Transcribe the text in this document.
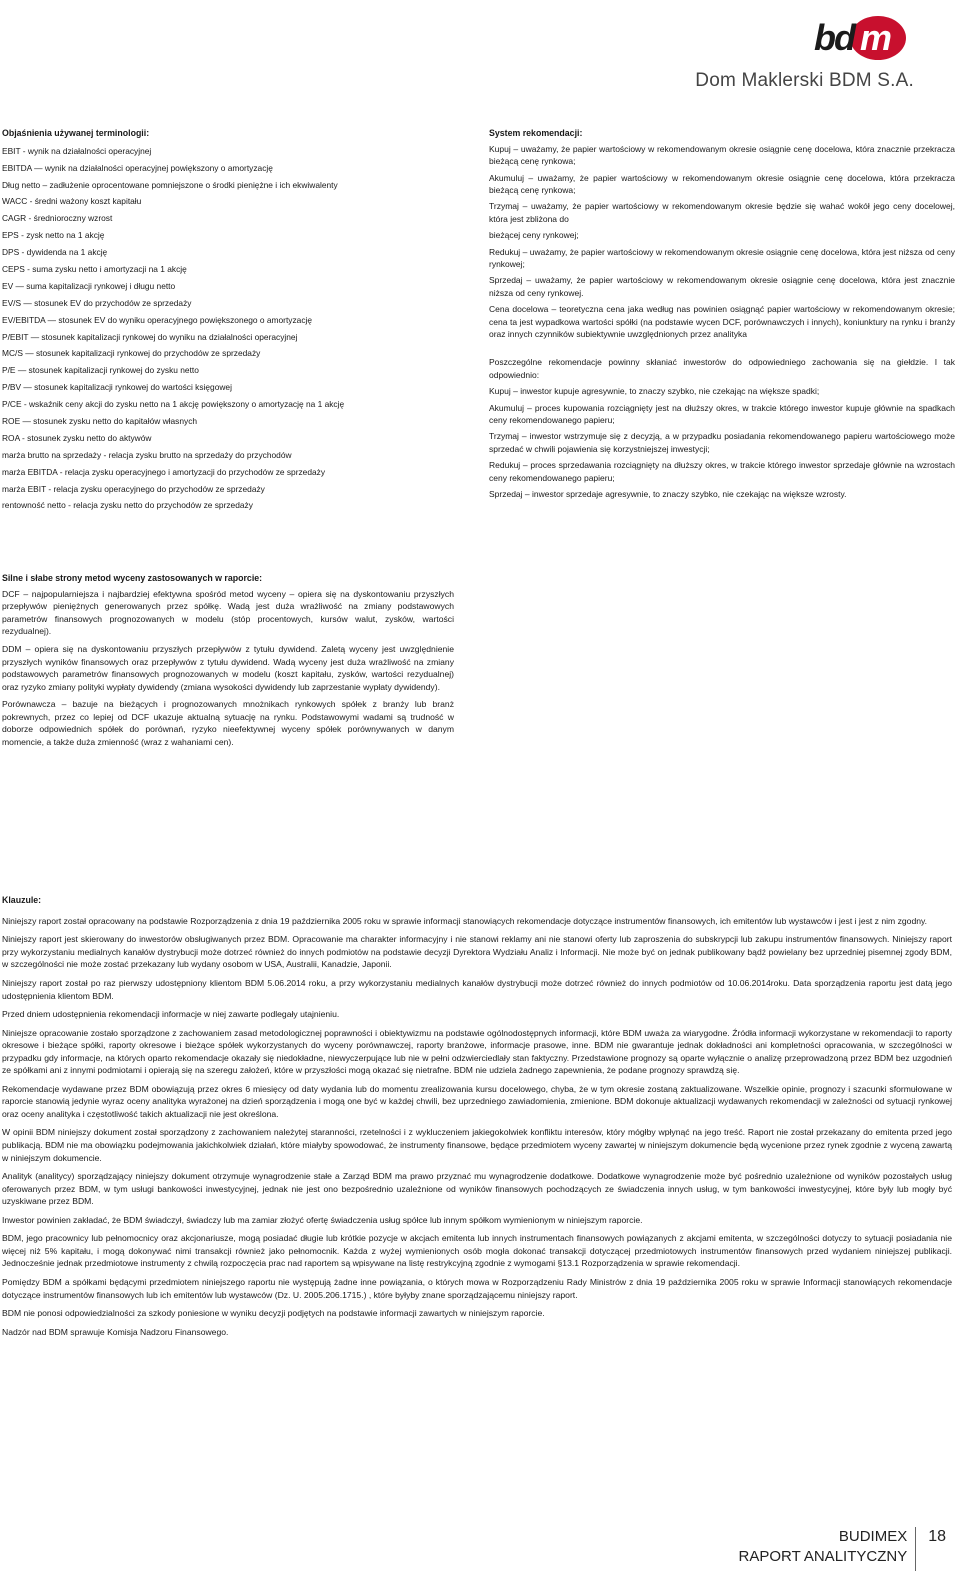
bd m
Dom Maklerski BDM S.A.
Objaśnienia używanej terminologii:
EBIT - wynik na działalności operacyjnej
EBITDA — wynik na działalności operacyjnej powiększony o amortyzację
Dług netto – zadłużenie oprocentowane pomniejszone o środki pieniężne i ich ekwiwalenty
WACC - średni ważony koszt kapitału
CAGR - średnioroczny wzrost
EPS - zysk netto na 1 akcję
DPS - dywidenda na 1 akcję
CEPS - suma zysku netto i amortyzacji na 1 akcję
EV — suma kapitalizacji rynkowej i długu netto
EV/S — stosunek EV do przychodów ze sprzedaży
EV/EBITDA — stosunek EV do wyniku operacyjnego powiększonego o amortyzację
P/EBIT — stosunek kapitalizacji rynkowej do wyniku na działalności operacyjnej
MC/S — stosunek kapitalizacji rynkowej do przychodów ze sprzedaży
P/E — stosunek kapitalizacji rynkowej do zysku netto
P/BV — stosunek kapitalizacji rynkowej do wartości księgowej
P/CE - wskaźnik ceny akcji do zysku netto na 1 akcję powiększony o amortyzację na 1 akcję
ROE — stosunek zysku netto do kapitałów własnych
ROA - stosunek zysku netto do aktywów
marża brutto na sprzedaży - relacja zysku brutto na sprzedaży do przychodów
marża EBITDA - relacja zysku operacyjnego i amortyzacji do przychodów ze sprzedaży
marża EBIT - relacja zysku operacyjnego do przychodów ze sprzedaży
rentowność netto - relacja zysku netto do przychodów ze sprzedaży
System rekomendacji:
Kupuj – uważamy, że papier wartościowy w rekomendowanym okresie osiągnie cenę docelowa, która znacznie przekracza bieżącą cenę rynkowa;
Akumuluj – uważamy, że papier wartościowy w rekomendowanym okresie osiągnie cenę docelowa, która przekracza bieżącą cenę rynkowa;
Trzymaj – uważamy, że papier wartościowy w rekomendowanym okresie będzie się wahać wokół jego ceny docelowej, która jest zbliżona do
bieżącej ceny rynkowej;
Redukuj – uważamy, że papier wartościowy w rekomendowanym okresie osiągnie cenę docelowa, która jest niższa od ceny rynkowej;
Sprzedaj – uważamy, że papier wartościowy w rekomendowanym okresie osiągnie cenę docelowa, która jest znacznie niższa od ceny rynkowej.
Cena docelowa – teoretyczna cena jaka według nas powinien osiągnąć papier wartościowy w rekomendowanym okresie; cena ta jest wypadkowa wartości spółki (na podstawie wycen DCF, porównawczych i innych), koniunktury na rynku i branży oraz innych czynników subiektywnie uwzględnionych przez analityka
Poszczególne rekomendacje powinny skłaniać inwestorów do odpowiedniego zachowania się na giełdzie. I tak odpowiednio:
Kupuj – inwestor kupuje agresywnie, to znaczy szybko, nie czekając na większe spadki;
Akumuluj – proces kupowania rozciągnięty jest na dłuższy okres, w trakcie którego inwestor kupuje głównie na spadkach ceny rekomendowanego papieru;
Trzymaj – inwestor wstrzymuje się z decyzją, a w przypadku posiadania rekomendowanego papieru wartościowego może sprzedać w chwili pojawienia się korzystniejszej inwestycji;
Redukuj – proces sprzedawania rozciągnięty na dłuższy okres, w trakcie którego inwestor sprzedaje głównie na wzrostach ceny rekomendowanego papieru;
Sprzedaj – inwestor sprzedaje agresywnie, to znaczy szybko, nie czekając na większe wzrosty.
Silne i słabe strony metod wyceny zastosowanych w raporcie:
DCF – najpopularniejsza i najbardziej efektywna spośród metod wyceny – opiera się na dyskontowaniu przyszłych przepływów pieniężnych generowanych przez spółkę. Wadą jest duża wrażliwość na zmiany podstawowych parametrów finansowych prognozowanych w modelu (stóp procentowych, kursów walut, zysków, wartości rezydualnej).
DDM – opiera się na dyskontowaniu przyszłych przepływów z tytułu dywidend. Zaletą wyceny jest uwzględnienie przyszłych wyników finansowych oraz przepływów z tytułu dywidend. Wadą wyceny jest duża wrażliwość na zmiany podstawowych parametrów finansowych prognozowanych w modelu (koszt kapitału, zysków, wartości rezydualnej) oraz ryzyko zmiany polityki wypłaty dywidendy (zmiana wysokości dywidendy lub zaprzestanie wypłaty dywidendy).
Porównawcza – bazuje na bieżących i prognozowanych mnożnikach rynkowych spółek z branży lub branż pokrewnych, przez co lepiej od DCF ukazuje aktualną sytuację na rynku. Podstawowymi wadami są trudność w doborze odpowiednich spółek do porównań, ryzyko nieefektywnej wyceny spółek porównywanych w danym momencie, a także duża zmienność (wraz z wahaniami cen).
Klauzule:
Niniejszy raport został opracowany na podstawie Rozporządzenia z dnia 19 października 2005 roku w sprawie informacji stanowiących rekomendacje dotyczące instrumentów finansowych, ich emitentów lub wystawców i jest i jest z nim zgodny.
Niniejszy raport jest skierowany do inwestorów obsługiwanych przez BDM. Opracowanie ma charakter informacyjny i nie stanowi reklamy ani nie stanowi oferty lub zaproszenia do subskrypcji lub zakupu instrumentów finansowych. Niniejszy raport przy wykorzystaniu medialnych kanałów dystrybucji może dotrzeć również do innych podmiotów na podstawie decyzji Dyrektora Wydziału Analiz i Informacji. Nie może być on jednak publikowany bądź powielany bez uprzedniej pisemnej zgody BDM, w szczególności nie może zostać przekazany lub wydany osobom w USA, Australii, Kanadzie, Japonii.
Niniejszy raport został po raz pierwszy udostępniony klientom BDM 5.06.2014 roku, a przy wykorzystaniu medialnych kanałów dystrybucji może dotrzeć również do innych podmiotów od 10.06.2014roku. Data sporządzenia raportu jest datą jego udostępnienia klientom BDM.
Przed dniem udostępnienia rekomendacji informacje w niej zawarte podlegały utajnieniu.
Niniejsze opracowanie zostało sporządzone z zachowaniem zasad metodologicznej poprawności i obiektywizmu na podstawie ogólnodostępnych informacji, które BDM uważa za wiarygodne. Źródła informacji wykorzystane w rekomendacji to raporty okresowe i bieżące spółki, raporty okresowe i bieżące spółek wykorzystanych do wyceny porównawczej, raporty branżowe, informacje prasowe, inne. BDM nie gwarantuje jednak dokładności ani kompletności opracowania, w szczególności w przypadku gdy informacje, na których oparto rekomendacje okazały się niedokładne, niewyczerpujące lub nie w pełni odzwierciedlały stan faktyczny. Przedstawione prognozy są oparte wyłącznie o analizę przeprowadzoną przez BDM bez uzgodnień ze spółkami ani z innymi podmiotami i opierają się na szeregu założeń, które w przyszłości mogą okazać się nietrafne. BDM nie udziela żadnego zapewnienia, że podane prognozy sprawdzą się.
Rekomendacje wydawane przez BDM obowiązują przez okres 6 miesięcy od daty wydania lub do momentu zrealizowania kursu docelowego, chyba, że w tym okresie zostaną zaktualizowane. Wszelkie opinie, prognozy i szacunki sformułowane w raporcie stanowią jedynie wyraz oceny analityka wyrażonej na dzień sporządzenia i mogą one być w każdej chwili, bez uprzedniego zawiadomienia, zmienione. BDM dokonuje aktualizacji wydawanych rekomendacji w zależności od sytuacji rynkowej oraz oceny analityka i częstotliwość takich aktualizacji nie jest określona.
W opinii BDM niniejszy dokument został sporządzony z zachowaniem należytej staranności, rzetelności i z wykluczeniem jakiegokolwiek konfliktu interesów, który mógłby wpłynąć na jego treść. Raport nie został przekazany do emitenta przed jego publikacją. BDM nie ma obowiązku podejmowania jakichkolwiek działań, które miałyby spowodować, że instrumenty finansowe, będące przedmiotem wyceny zawartej w niniejszym dokumencie będą wycenione przez rynek zgodnie z wyceną zawartą w niniejszym dokumencie.
Analityk (analitycy) sporządzający niniejszy dokument otrzymuje wynagrodzenie stałe a Zarząd BDM ma prawo przyznać mu wynagrodzenie dodatkowe. Dodatkowe wynagrodzenie może być pośrednio uzależnione od wyników pozostałych usług oferowanych przez BDM, w tym usługi bankowości inwestycyjnej, jednak nie jest ono bezpośrednio uzależnione od wyników finansowych pochodzących ze świadczenia innych usług, w tym bankowości inwestycyjnej, które były lub mogły być uzyskiwane przez BDM.
Inwestor powinien zakładać, że BDM świadczył, świadczy lub ma zamiar złożyć ofertę świadczenia usług spółce lub innym spółkom wymienionym w niniejszym raporcie.
BDM, jego pracownicy lub pełnomocnicy oraz akcjonariusze, mogą posiadać długie lub krótkie pozycje w akcjach emitenta lub innych instrumentach finansowych powiązanych z akcjami emitenta, w szczególności dotyczy to sytuacji posiadania nie więcej niż 5% kapitału, i mogą dokonywać nimi transakcji również jako pełnomocnik. Każda z wyżej wymienionych osób mogła dokonać transakcji dotyczącej przedmiotowych instrumentów finansowych przed wydaniem niniejszej publikacji. Jednocześnie jednak przedmiotowe instrumenty z chwilą rozpoczęcia prac nad raportem są wpisywane na listę restrykcyjną zgodnie z wymogami §13.1 Rozporządzenia w sprawie rekomendacji.
Pomiędzy BDM a spółkami będącymi przedmiotem niniejszego raportu nie występują żadne inne powiązania, o których mowa w Rozporządzeniu Rady Ministrów z dnia 19 października 2005 roku w sprawie Informacji stanowiących rekomendacje dotyczące instrumentów finansowych lub ich emitentów lub wystawców (Dz. U. 2005.206.1715.) , które byłyby znane sporządzającemu niniejszy raport.
BDM nie ponosi odpowiedzialności za szkody poniesione w wyniku decyzji podjętych na podstawie informacji zawartych w niniejszym raporcie.
Nadzór nad BDM sprawuje Komisja Nadzoru Finansowego.
BUDIMEX
RAPORT ANALITYCZNY
18
